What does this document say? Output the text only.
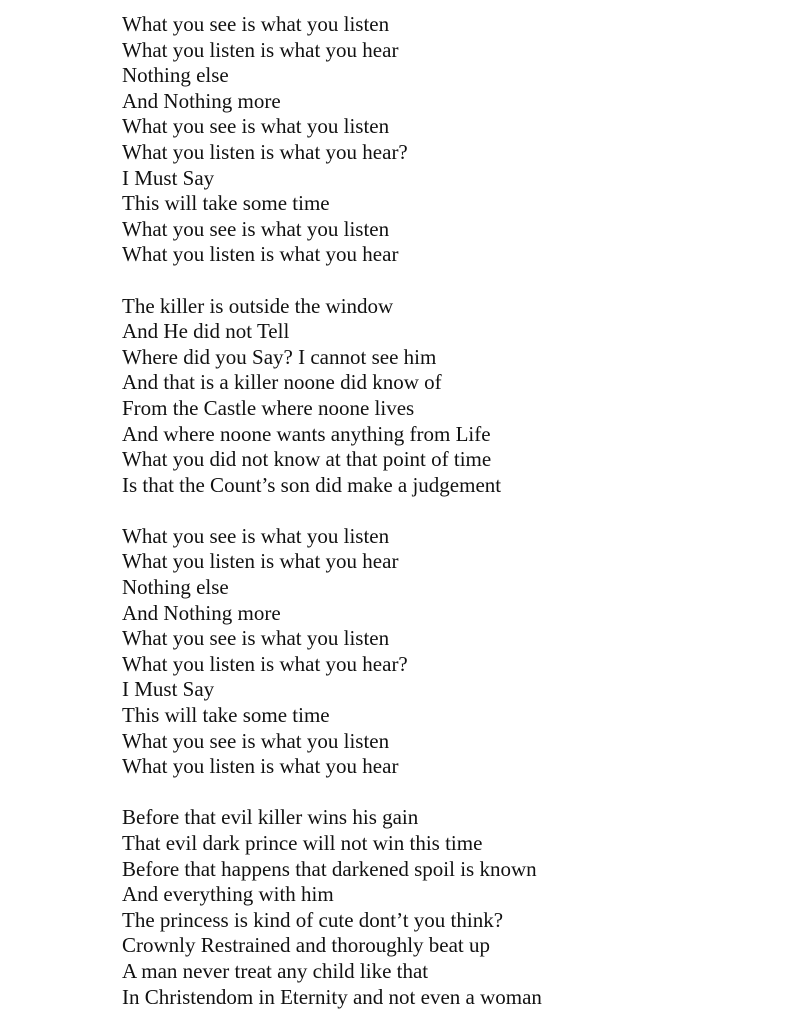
What you see is what you listen
What you listen is what you hear
Nothing else
And Nothing more
What you see is what you listen
What you listen is what you hear?
I Must Say
This will take some time
What you see is what you listen
What you listen is what you hear
The killer is outside the window
And He did not Tell
Where did you Say? I cannot see him
And that is a killer noone did know of
From the Castle where noone lives
And where noone wants anything from Life
What you did not know at that point of time
Is that the Count’s son did make a judgement
What you see is what you listen
What you listen is what you hear
Nothing else
And Nothing more
What you see is what you listen
What you listen is what you hear?
I Must Say
This will take some time
What you see is what you listen
What you listen is what you hear
Before that evil killer wins his gain
That evil dark prince will not win this time
Before that happens that darkened spoil is known
And everything with him
The princess is kind of cute dont’t you think?
Crownly Restrained and thoroughly beat up
A man never treat any child like that
In Christendom in Eternity and not even a woman
